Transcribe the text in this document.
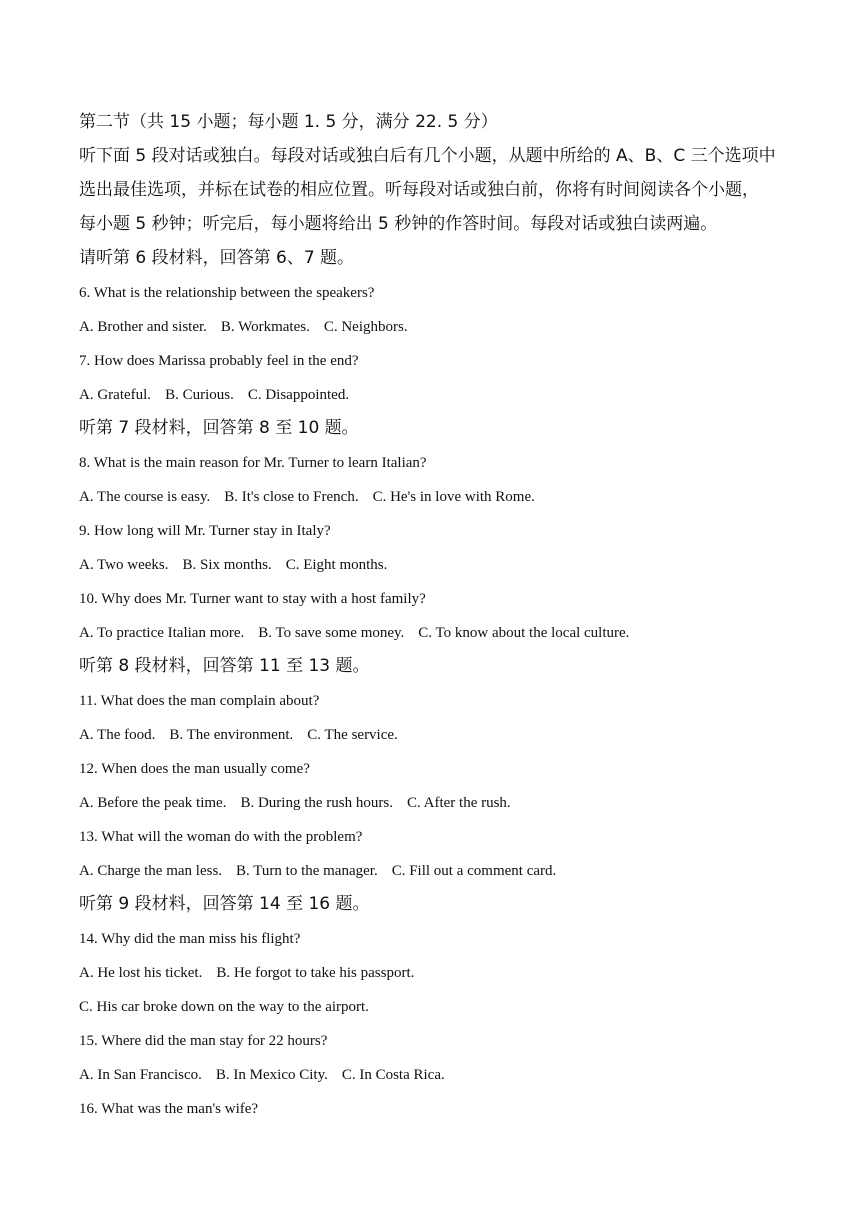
第二节（共 15 小题；每小题 1. 5 分，满分 22. 5 分）
听下面 5 段对话或独白。每段对话或独白后有几个小题，从题中所给的 A、B、C 三个选项中
选出最佳选项，并标在试卷的相应位置。听每段对话或独白前，你将有时间阅读各个小题，
每小题 5 秒钟；听完后，每小题将给出 5 秒钟的作答时间。每段对话或独白读两遍。
请听第 6 段材料，回答第 6、7 题。
6. What is the relationship between the speakers?
A. Brother and sister. B. Workmates. C. Neighbors.
7. How does Marissa probably feel in the end?
A. Grateful. B. Curious. C. Disappointed.
听第 7 段材料，回答第 8 至 10 题。
8. What is the main reason for Mr. Turner to learn Italian?
A. The course is easy. B. It's close to French. C. He's in love with Rome.
9. How long will Mr. Turner stay in Italy?
A. Two weeks. B. Six months. C. Eight months.
10. Why does Mr. Turner want to stay with a host family?
A. To practice Italian more. B. To save some money. C. To know about the local culture.
听第 8 段材料，回答第 11 至 13 题。
11. What does the man complain about?
A. The food. B. The environment. C. The service.
12. When does the man usually come?
A. Before the peak time. B. During the rush hours. C. After the rush.
13. What will the woman do with the problem?
A. Charge the man less. B. Turn to the manager. C. Fill out a comment card.
听第 9 段材料，回答第 14 至 16 题。
14. Why did the man miss his flight?
A. He lost his ticket. B. He forgot to take his passport.
C. His car broke down on the way to the airport.
15. Where did the man stay for 22 hours?
A. In San Francisco. B. In Mexico City. C. In Costa Rica.
16. What was the man's wife?
